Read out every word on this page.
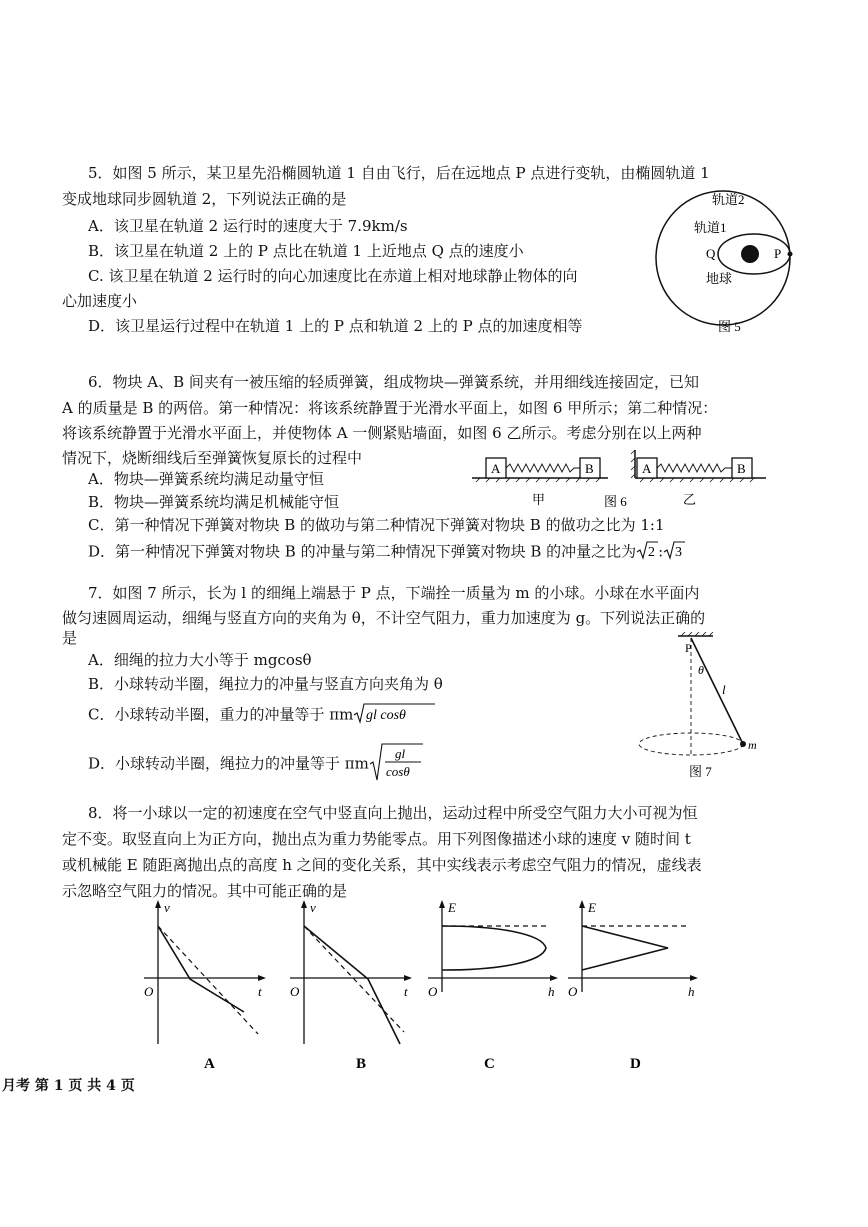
5．如图 5 所示，某卫星先沿椭圆轨道 1 自由飞行，后在远地点 P 点进行变轨，由椭圆轨道 1
变成地球同步圆轨道 2，下列说法正确的是
A．该卫星在轨道 2 运行时的速度大于 7.9km/s
B．该卫星在轨道 2 上的 P 点比在轨道 1 上近地点 Q 点的速度小
C. 该卫星在轨道 2 运行时的向心加速度比在赤道上相对地球静止物体的向
心加速度小
D．该卫星运行过程中在轨道 1 上的 P 点和轨道 2 上的 P 点的加速度相等
轨道2
轨道1
Q	P
地球
图 5
6．物块 A、B 间夹有一被压缩的轻质弹簧，组成物块—弹簧系统，并用细线连接固定，已知
A 的质量是 B 的两倍。第一种情况：将该系统静置于光滑水平面上，如图 6 甲所示；第二种情况：
将该系统静置于光滑水平面上，并使物体 A 一侧紧贴墙面，如图 6 乙所示。考虑分别在以上两种
情况下，烧断细线后至弹簧恢复原长的过程中
A．物块—弹簧系统均满足动量守恒
B．物块—弹簧系统均满足机械能守恒
C．第一种情况下弹簧对物块 B 的做功与第二种情况下弹簧对物块 B 的做功之比为 1:1
D．第一种情况下弹簧对物块 B 的冲量与第二种情况下弹簧对物块 B 的冲量之比为 2 : 3
A	B
甲	图 6
A	B
乙
7．如图 7 所示，长为 l 的细绳上端悬于 P 点，下端拴一质量为 m 的小球。小球在水平面内
做匀速圆周运动，细绳与竖直方向的夹角为 θ，不计空气阻力，重力加速度为 g。下列说法正确的
是
A．细绳的拉力大小等于 mgcosθ
B．小球转动半圈，绳拉力的冲量与竖直方向夹角为 θ
C．小球转动半圈，重力的冲量等于 πm gl cosθ
D．小球转动半圈，绳拉力的冲量等于 πm
gl
cosθ
P
θ
l
m
图 7
8．将一小球以一定的初速度在空气中竖直向上抛出，运动过程中所受空气阻力大小可视为恒
定不变。取竖直向上为正方向，抛出点为重力势能零点。用下列图像描述小球的速度 v 随时间 t
或机械能 E 随距离抛出点的高度 h 之间的变化关系，其中实线表示考虑空气阻力的情况，虚线表
示忽略空气阻力的情况。其中可能正确的是
v
t
O
A
v
t
O
B
E
h
O
C
E
h
O
D
月考 第 1 页 共 4 页
